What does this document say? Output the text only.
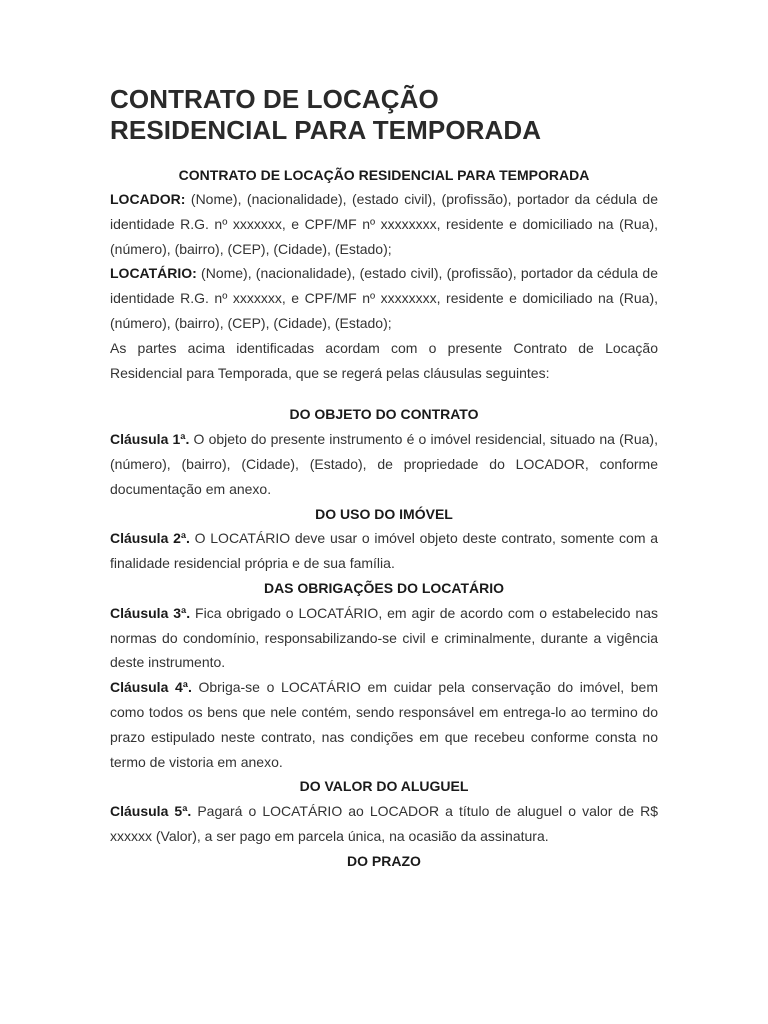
CONTRATO DE LOCAÇÃO
RESIDENCIAL PARA TEMPORADA

CONTRATO DE LOCAÇÃO RESIDENCIAL PARA TEMPORADA

LOCADOR: (Nome), (nacionalidade), (estado civil), (profissão), portador da cédula de identidade R.G. nº xxxxxxx, e CPF/MF nº xxxxxxxx, residente e domiciliado na (Rua), (número), (bairro), (CEP), (Cidade), (Estado);

LOCATÁRIO: (Nome), (nacionalidade), (estado civil), (profissão), portador da cédula de identidade R.G. nº xxxxxxx, e CPF/MF nº xxxxxxxx, residente e domiciliado na (Rua), (número), (bairro), (CEP), (Cidade), (Estado);

As partes acima identificadas acordam com o presente Contrato de Locação Residencial para Temporada, que se regerá pelas cláusulas seguintes:

DO OBJETO DO CONTRATO

Cláusula 1ª. O objeto do presente instrumento é o imóvel residencial, situado na (Rua), (número), (bairro), (Cidade), (Estado), de propriedade do LOCADOR, conforme documentação em anexo.

DO USO DO IMÓVEL

Cláusula 2ª. O LOCATÁRIO deve usar o imóvel objeto deste contrato, somente com a finalidade residencial própria e de sua família.

DAS OBRIGAÇÕES DO LOCATÁRIO

Cláusula 3ª. Fica obrigado o LOCATÁRIO, em agir de acordo com o estabelecido nas normas do condomínio, responsabilizando-se civil e criminalmente, durante a vigência deste instrumento.

Cláusula 4ª. Obriga-se o LOCATÁRIO em cuidar pela conservação do imóvel, bem como todos os bens que nele contém, sendo responsável em entrega-lo ao termino do prazo estipulado neste contrato, nas condições em que recebeu conforme consta no termo de vistoria em anexo.

DO VALOR DO ALUGUEL

Cláusula 5ª. Pagará o LOCATÁRIO ao LOCADOR a título de aluguel o valor de R$ xxxxxx (Valor), a ser pago em parcela única, na ocasião da assinatura.

DO PRAZO
